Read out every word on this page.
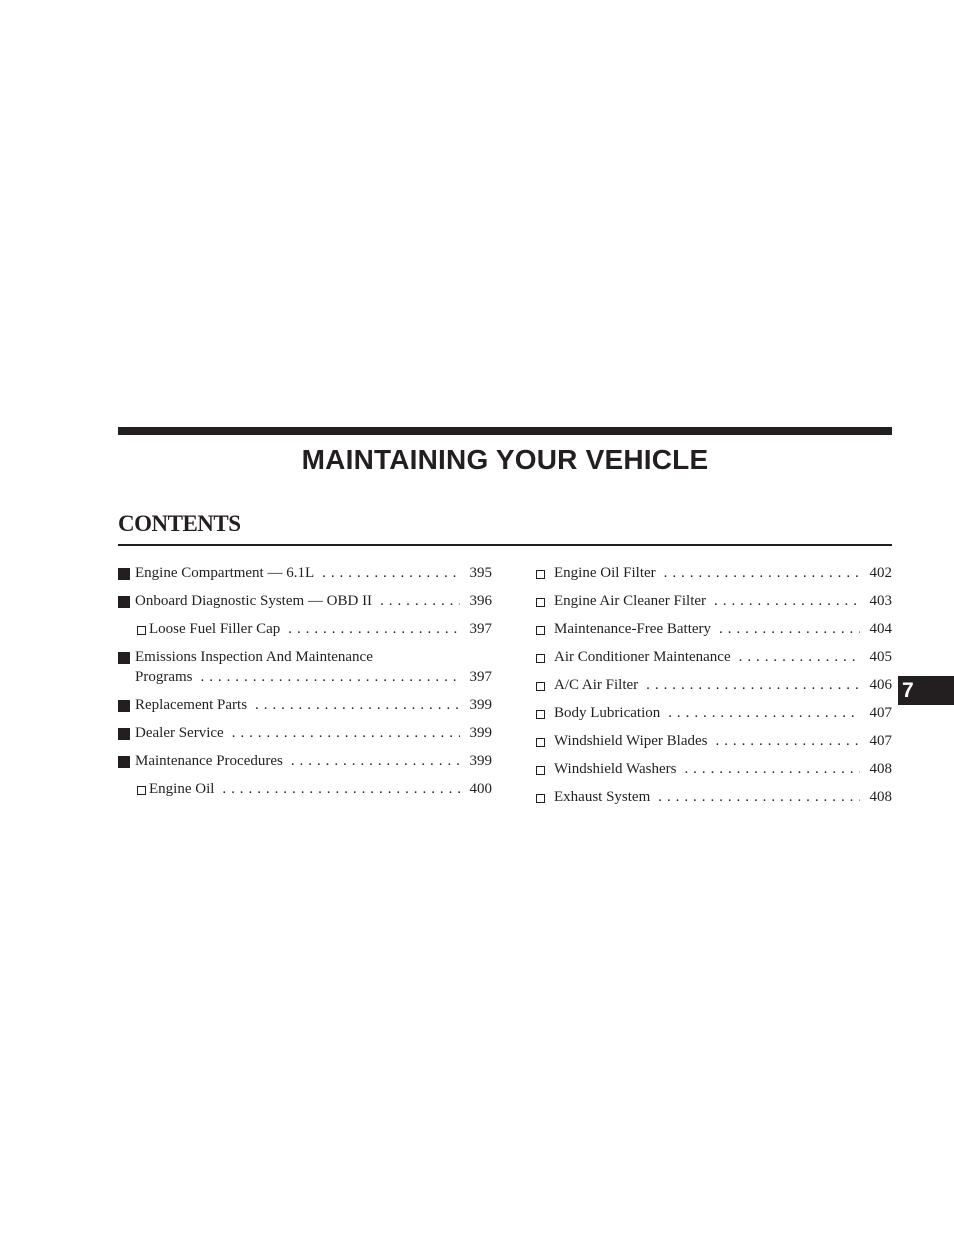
MAINTAINING YOUR VEHICLE
CONTENTS
Engine Compartment — 6.1L . . .	395
Onboard Diagnostic System — OBD II . . .	396
Loose Fuel Filler Cap . . .	397
Emissions Inspection And Maintenance
Programs . . .	397
Replacement Parts . . .	399
Dealer Service . . .	399
Maintenance Procedures . . .	399
Engine Oil . . .	400
Engine Oil Filter . . .	402
Engine Air Cleaner Filter . . .	403
Maintenance-Free Battery . . .	404
Air Conditioner Maintenance . . .	405
A/C Air Filter . . .	406
Body Lubrication . . .	407
Windshield Wiper Blades . . .	407
Windshield Washers . . .	408
Exhaust System . . .	408
7
